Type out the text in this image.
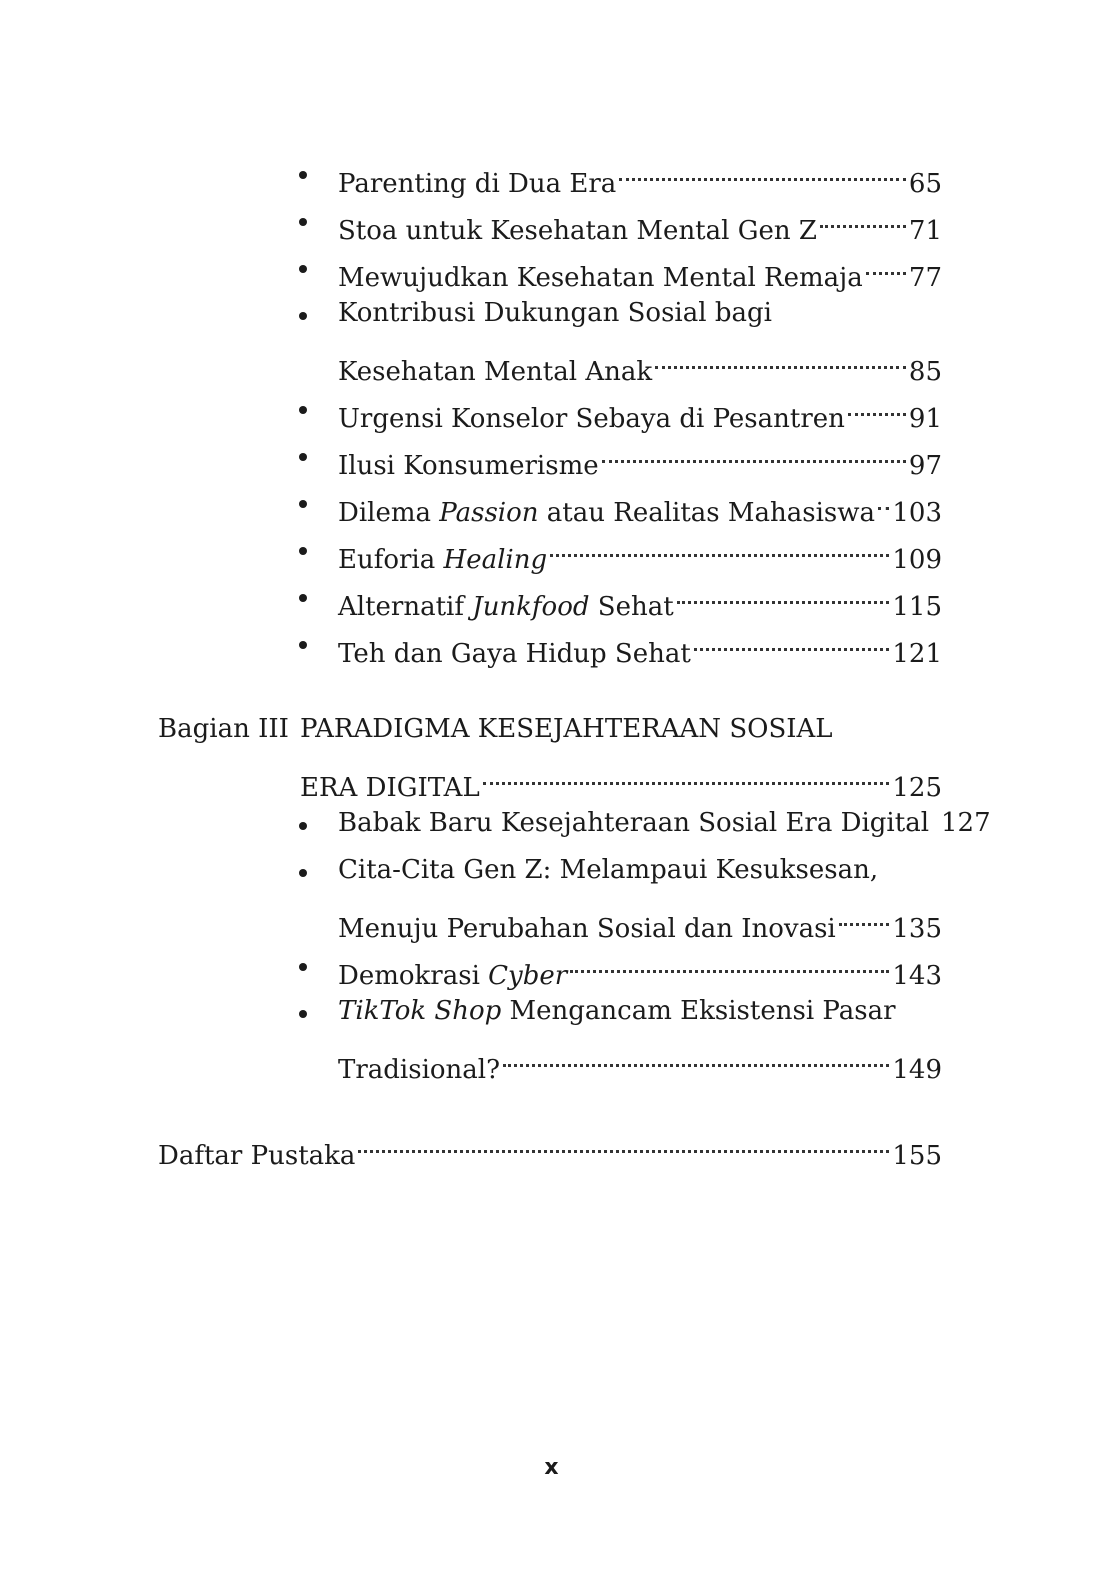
Parenting di Dua Era	65
Stoa untuk Kesehatan Mental Gen Z	71
Mewujudkan Kesehatan Mental Remaja 77
Kontribusi Dukungan Sosial bagi
Kesehatan Mental Anak	85
Urgensi Konselor Sebaya di Pesantren 91
Ilusi Konsumerisme	97
Dilema Passion atau Realitas Mahasiswa 103
Euforia Healing	109
Alternatif Junkfood Sehat	115
Teh dan Gaya Hidup Sehat	121
Bagian III PARADIGMA KESEJAHTERAAN SOSIAL
ERA DIGITAL	125
Babak Baru Kesejahteraan Sosial Era Digital 127
Cita-Cita Gen Z: Melampaui Kesuksesan,
Menuju Perubahan Sosial dan Inovasi 135
Demokrasi Cyber	143
TikTok Shop Mengancam Eksistensi Pasar
Tradisional?	149
Daftar Pustaka	155
x
